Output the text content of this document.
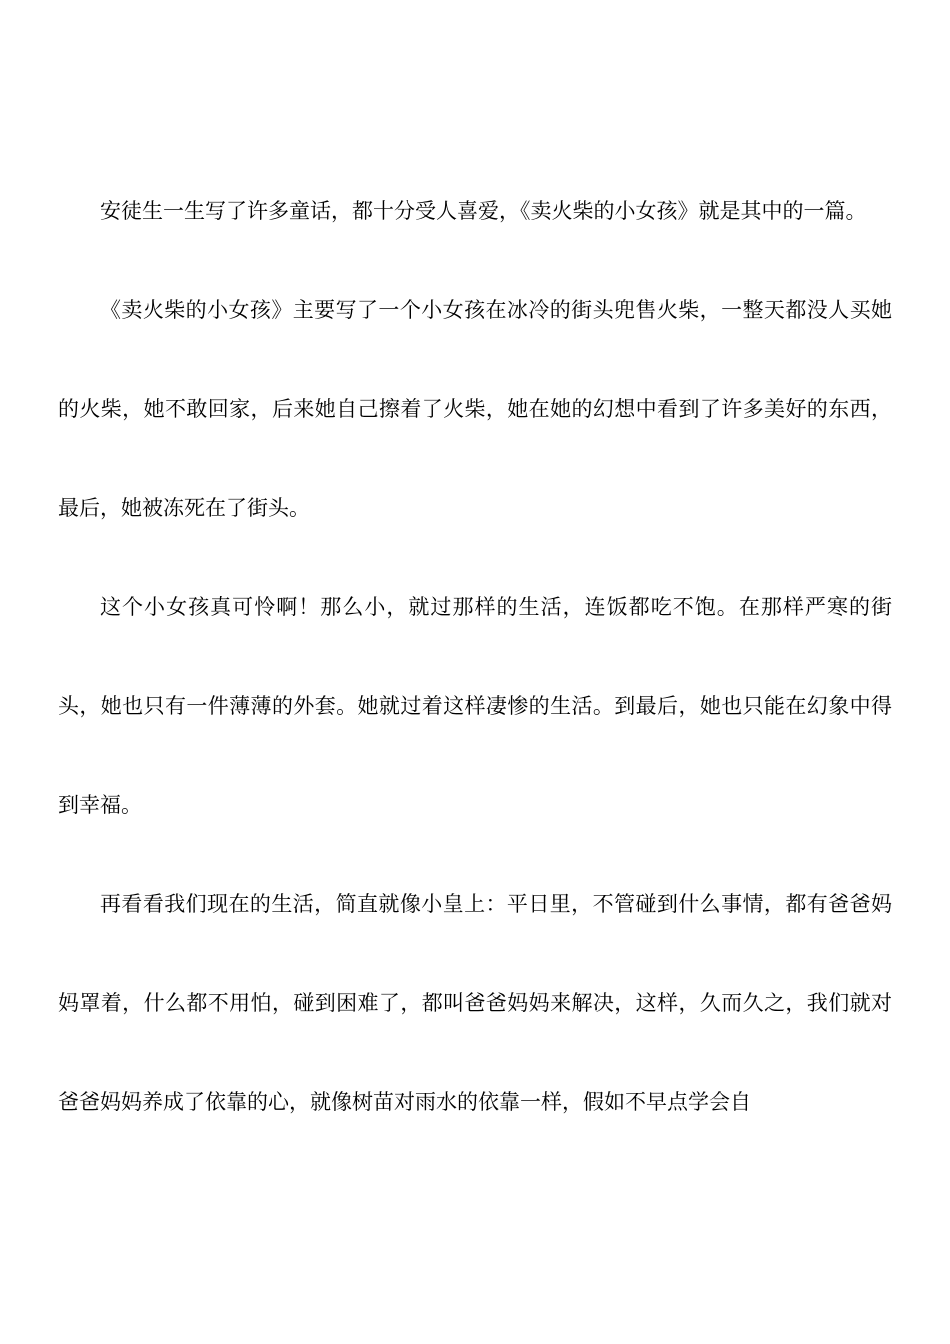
安徒生一生写了许多童话，都十分受人喜爱，《卖火柴的小女孩》就是其中的一篇。

《卖火柴的小女孩》主要写了一个小女孩在冰冷的街头兜售火柴，一整天都没人买她的火柴，她不敢回家，后来她自己擦着了火柴，她在她的幻想中看到了许多美好的东西，最后，她被冻死在了街头。

这个小女孩真可怜啊！那么小，就过那样的生活，连饭都吃不饱。在那样严寒的街头，她也只有一件薄薄的外套。她就过着这样凄惨的生活。到最后，她也只能在幻象中得到幸福。

再看看我们现在的生活，简直就像小皇上：平日里，不管碰到什么事情，都有爸爸妈妈罩着，什么都不用怕，碰到困难了，都叫爸爸妈妈来解决，这样，久而久之，我们就对爸爸妈妈养成了依靠的心，就像树苗对雨水的依靠一样，假如不早点学会自
